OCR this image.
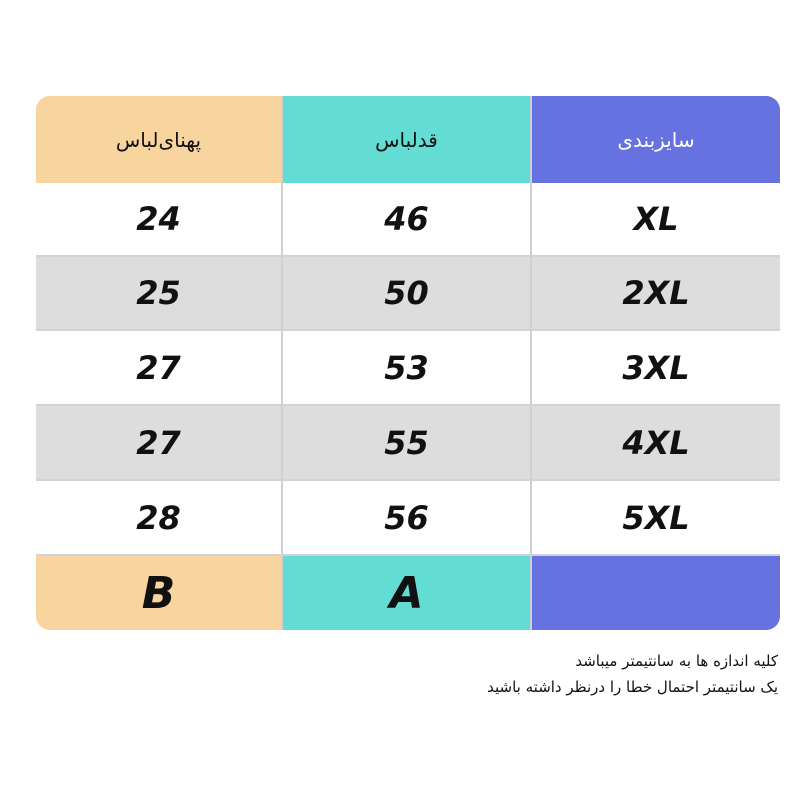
پهنای‌لباس	قد‌لباس	سایزبندی
24	46	XL
25	50	2XL
27	53	3XL
27	55	4XL
28	56	5XL
B	A
کلیه اندازه ها به سانتیمتر میباشد
یک سانتیمتر احتمال خطا را درنظر داشته باشید
